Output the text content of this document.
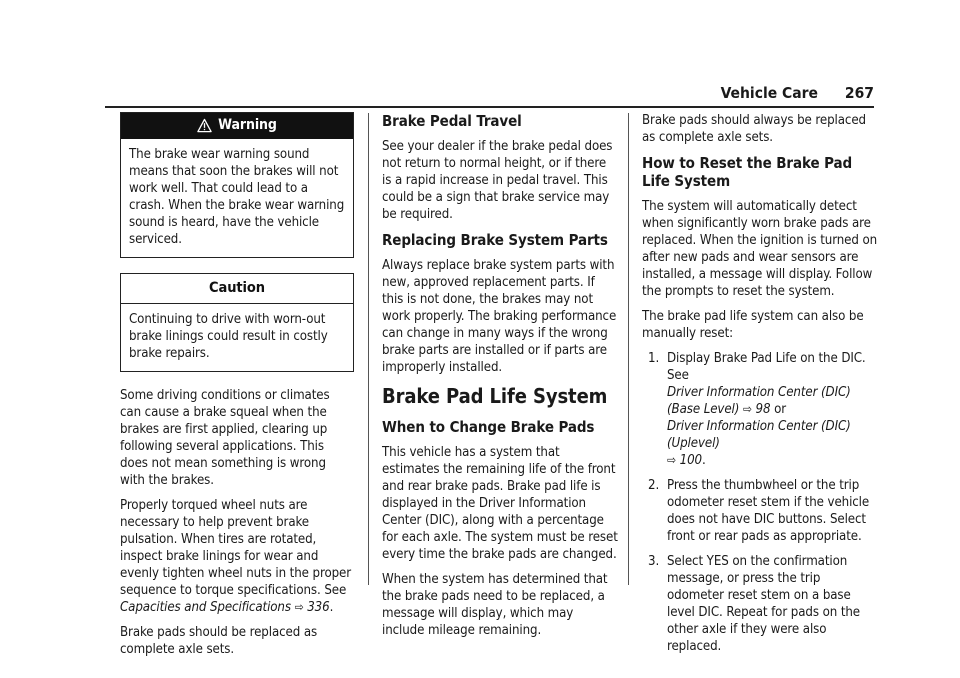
Vehicle Care 267
Warning
The brake wear warning sound means that soon the brakes will not work well. That could lead to a crash. When the brake wear warning sound is heard, have the vehicle serviced.
Caution
Continuing to drive with worn-out brake linings could result in costly brake repairs.

Some driving conditions or climates can cause a brake squeal when the brakes are first applied, clearing up following several applications. This does not mean something is wrong with the brakes.

Properly torqued wheel nuts are necessary to help prevent brake pulsation. When tires are rotated, inspect brake linings for wear and evenly tighten wheel nuts in the proper sequence to torque specifications. See Capacities and Specifications ⇨ 336.

Brake pads should be replaced as complete axle sets.

Brake Pedal Travel

See your dealer if the brake pedal does not return to normal height, or if there is a rapid increase in pedal travel. This could be a sign that brake service may be required.

Replacing Brake System Parts

Always replace brake system parts with new, approved replacement parts. If this is not done, the brakes may not work properly. The braking performance can change in many ways if the wrong brake parts are installed or if parts are improperly installed.

Brake Pad Life System
When to Change Brake Pads

This vehicle has a system that estimates the remaining life of the front and rear brake pads. Brake pad life is displayed in the Driver Information Center (DIC), along with a percentage for each axle. The system must be reset every time the brake pads are changed.

When the system has determined that the brake pads need to be replaced, a message will display, which may include mileage remaining.

Brake pads should always be replaced as complete axle sets.

How to Reset the Brake Pad Life System

The system will automatically detect when significantly worn brake pads are replaced. When the ignition is turned on after new pads and wear sensors are installed, a message will display. Follow the prompts to reset the system.

The brake pad life system can also be manually reset:

1. Display Brake Pad Life on the DIC. See
Driver Information Center (DIC) (Base Level) ⇨ 98 or
Driver Information Center (DIC) (Uplevel)
⇨ 100.
2. Press the thumbwheel or the trip odometer reset stem if the vehicle does not have DIC buttons. Select front or rear pads as appropriate.
3. Select YES on the confirmation message, or press the trip odometer reset stem on a base level DIC. Repeat for pads on the other axle if they were also replaced.
